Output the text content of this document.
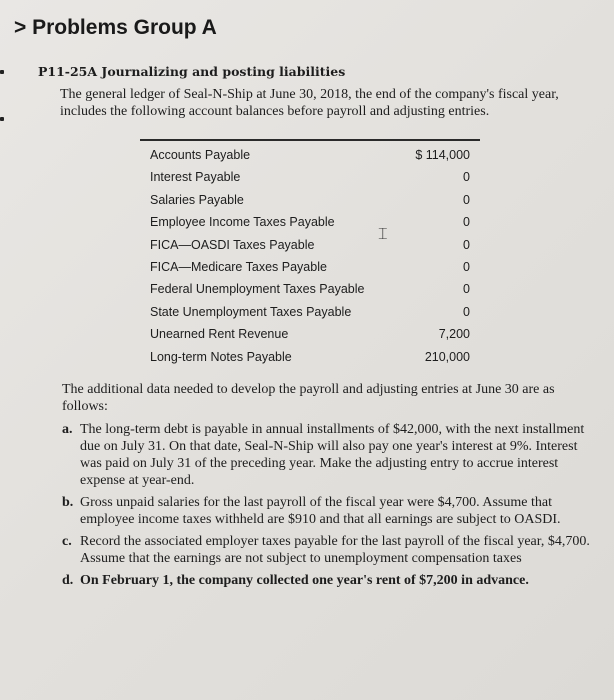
> Problems Group A
P11-25A Journalizing and posting liabilities
The general ledger of Seal-N-Ship at June 30, 2018, the end of the company's fiscal year, includes the following account balances before payroll and adjusting entries.
Accounts Payable	$ 114,000
Interest Payable	0
Salaries Payable	0
Employee Income Taxes Payable	0
FICA—OASDI Taxes Payable	0
FICA—Medicare Taxes Payable	0
Federal Unemployment Taxes Payable	0
State Unemployment Taxes Payable	0
Unearned Rent Revenue	7,200
Long-term Notes Payable	210,000
⌶
The additional data needed to develop the payroll and adjusting entries at June 30 are as follows:
a. The long-term debt is payable in annual installments of $42,000, with the next installment due on July 31. On that date, Seal-N-Ship will also pay one year's interest at 9%. Interest was paid on July 31 of the preceding year. Make the adjusting entry to accrue interest expense at year-end.
b. Gross unpaid salaries for the last payroll of the fiscal year were $4,700. Assume that employee income taxes withheld are $910 and that all earnings are subject to OASDI.
c. Record the associated employer taxes payable for the last payroll of the fiscal year, $4,700. Assume that the earnings are not subject to unemployment compensation taxes
d. On February 1, the company collected one year's rent of $7,200 in advance.
